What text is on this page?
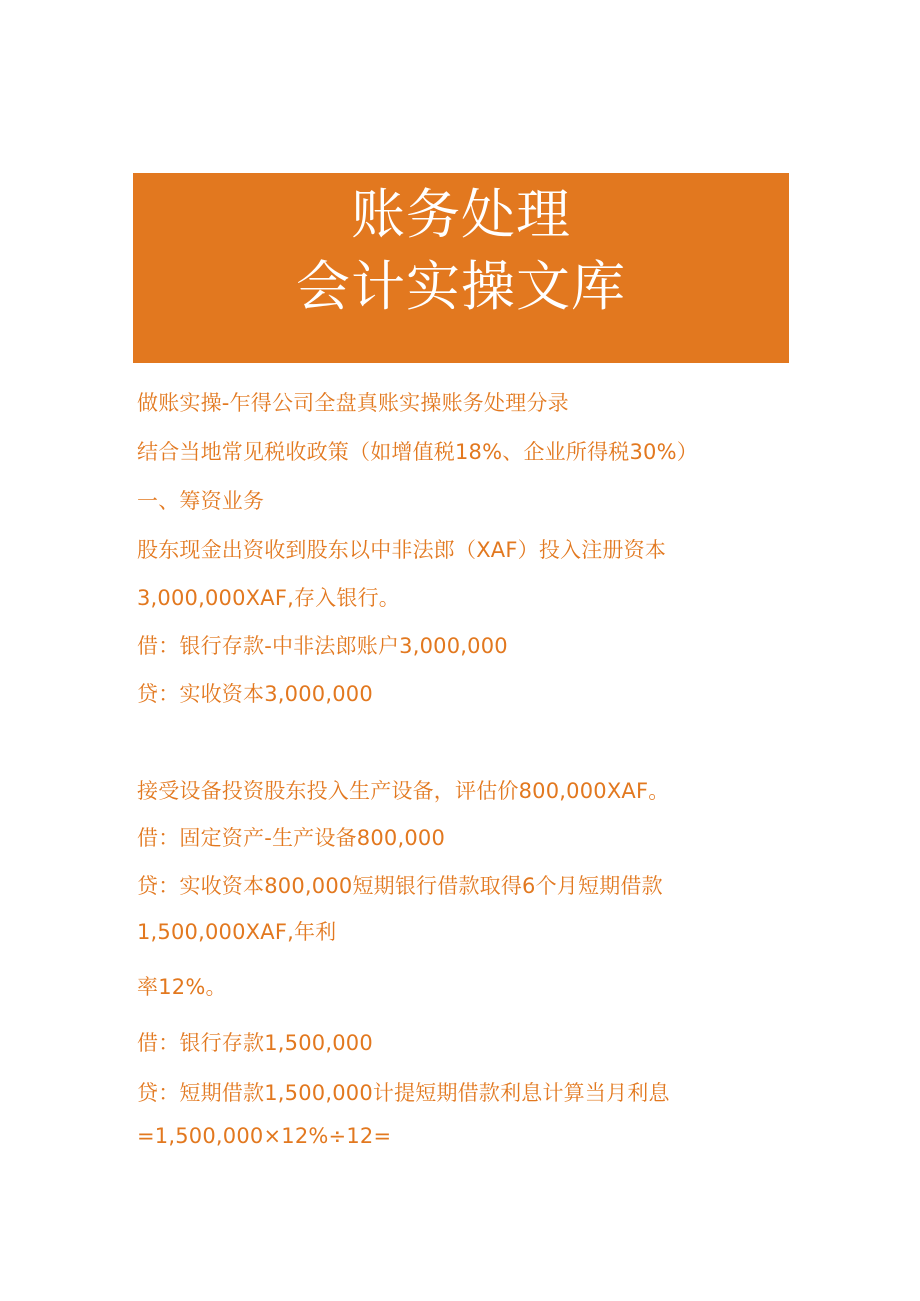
账务处理
会计实操文库
做账实操-乍得公司全盘真账实操账务处理分录
结合当地常见税收政策（如增值税18%、企业所得税30%）
一、筹资业务
股东现金出资收到股东以中非法郎（XAF）投入注册资本
3,000,000XAF,存入银行。
借：银行存款-中非法郎账户3,000,000
贷：实收资本3,000,000
接受设备投资股东投入生产设备，评估价800,000XAF。
借：固定资产-生产设备800,000
贷：实收资本800,000短期银行借款取得6个月短期借款
1,500,000XAF,年利
率12%。
借：银行存款1,500,000
贷：短期借款1,500,000计提短期借款利息计算当月利息
=1,500,000×12%÷12=
